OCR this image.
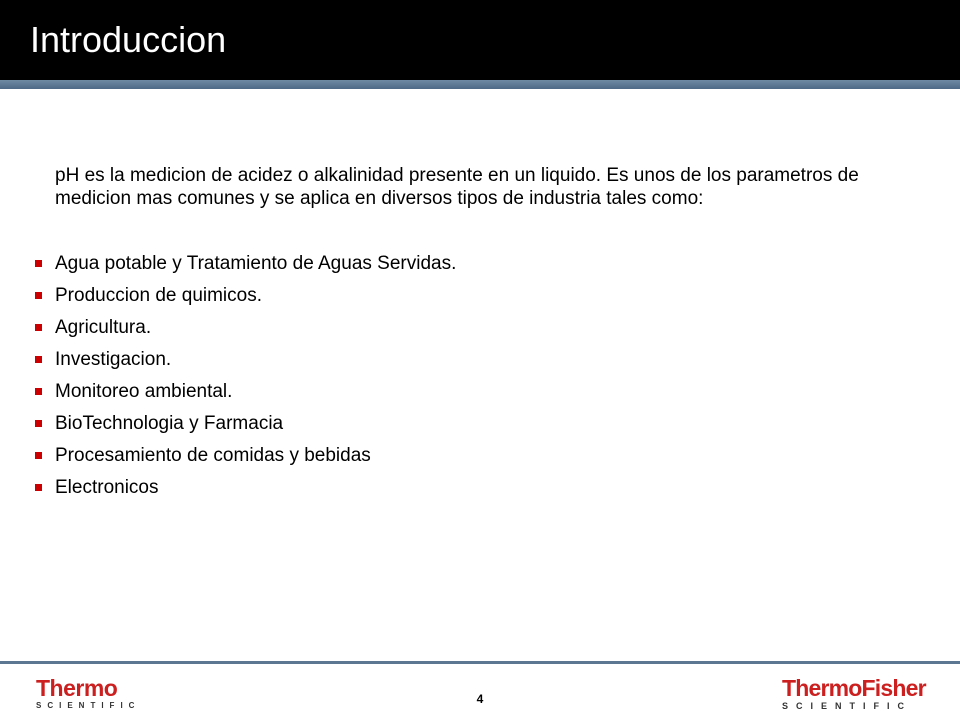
Introduccion
pH es la medicion de acidez o alkalinidad presente en un liquido. Es unos de los parametros de medicion mas comunes y se aplica en diversos tipos de industria tales como:
Agua potable y Tratamiento de Aguas Servidas.
Produccion de quimicos.
Agricultura.
Investigacion.
Monitoreo ambiental.
BioTechnologia y Farmacia
Procesamiento de comidas y bebidas
Electronicos
Thermo
SCIENTIFIC	4	ThermoFisher
SCIENTIFIC
